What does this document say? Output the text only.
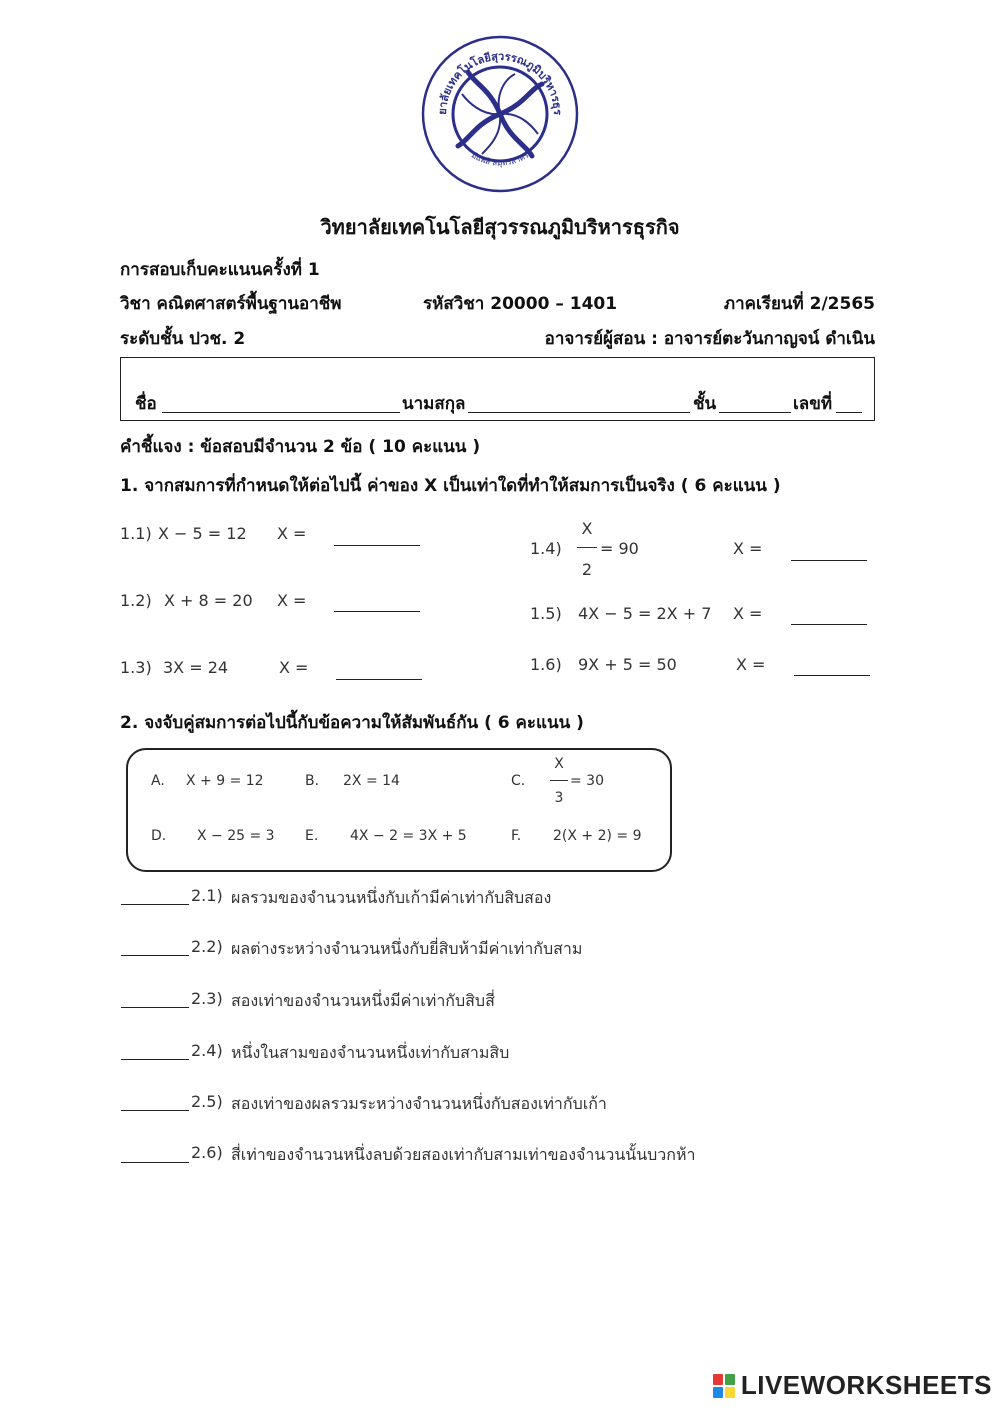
ยาลัยเทคโนโลยีสุวรรณภูมิบริหารธุร
มีแพสิ สมุทรสาคร
วิทยาลัยเทคโนโลยีสุวรรณภูมิบริหารธุรกิจ
การสอบเก็บคะแนนครั้งที่ 1
วิชา คณิตศาสตร์พื้นฐานอาชีพ	รหัสวิชา 20000 – 1401	ภาคเรียนที่ 2/2565
ระดับชั้น ปวช. 2	อาจารย์ผู้สอน : อาจารย์ตะวันกาญจน์ ดำเนิน
ชื่อ	นามสกุล	ชั้น	เลขที่
คำชี้แจง : ข้อสอบมีจำนวน 2 ข้อ ( 10 คะแนน )
1. จากสมการที่กำหนดให้ต่อไปนี้ ค่าของ X เป็นเท่าใดที่ทำให้สมการเป็นจริง ( 6 คะแนน )
1.1) X − 5 = 12 X =
1.2) X + 8 = 20 X =
1.3) 3X = 24	X =
1.4)
X
2
= 90	X =
1.5) 4X − 5 = 2X + 7 X =
1.6) 9X + 5 = 50	X =
2. จงจับคู่สมการต่อไปนี้กับข้อความให้สัมพันธ์กัน ( 6 คะแนน )
A. X + 9 = 12	B. 2X = 14	C.
X
3
= 30
D. X − 25 = 3 E. 4X − 2 = 3X + 5	F. 2(X + 2) = 9
2.1) ผลรวมของจำนวนหนึ่งกับเก้ามีค่าเท่ากับสิบสอง
2.2) ผลต่างระหว่างจำนวนหนึ่งกับยี่สิบห้ามีค่าเท่ากับสาม
2.3) สองเท่าของจำนวนหนึ่งมีค่าเท่ากับสิบสี่
2.4) หนึ่งในสามของจำนวนหนึ่งเท่ากับสามสิบ
2.5) สองเท่าของผลรวมระหว่างจำนวนหนึ่งกับสองเท่ากับเก้า
2.6) สี่เท่าของจำนวนหนึ่งลบด้วยสองเท่ากับสามเท่าของจำนวนนั้นบวกห้า
LIVEWORKSHEETS
